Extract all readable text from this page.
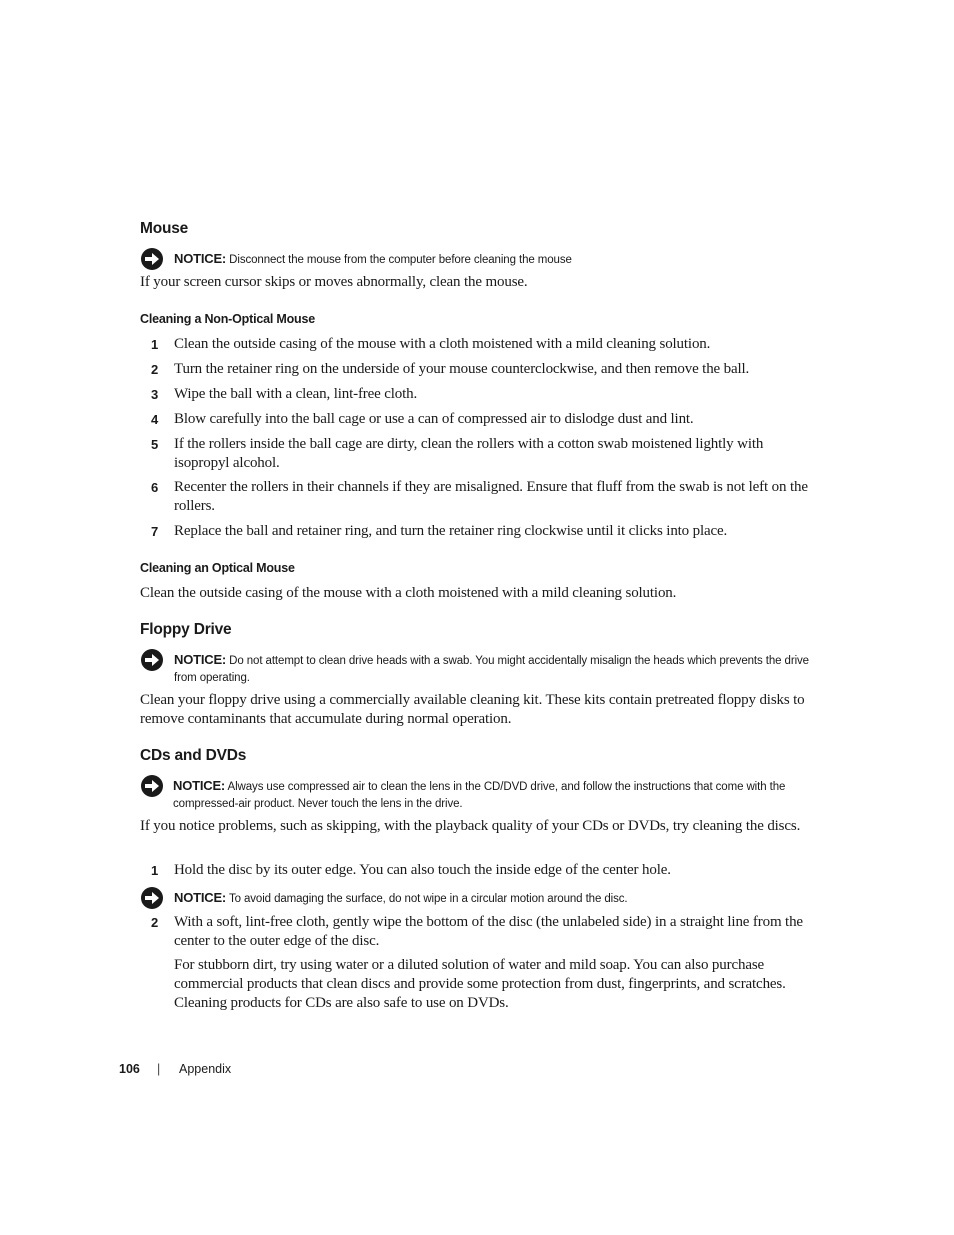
Mouse
NOTICE: Disconnect the mouse from the computer before cleaning the mouse
If your screen cursor skips or moves abnormally, clean the mouse.
Cleaning a Non-Optical Mouse
1 Clean the outside casing of the mouse with a cloth moistened with a mild cleaning solution.
2 Turn the retainer ring on the underside of your mouse counterclockwise, and then remove the ball.
3 Wipe the ball with a clean, lint-free cloth.
4 Blow carefully into the ball cage or use a can of compressed air to dislodge dust and lint.
5 If the rollers inside the ball cage are dirty, clean the rollers with a cotton swab moistened lightly with isopropyl alcohol.
6 Recenter the rollers in their channels if they are misaligned. Ensure that fluff from the swab is not left on the rollers.
7 Replace the ball and retainer ring, and turn the retainer ring clockwise until it clicks into place.
Cleaning an Optical Mouse
Clean the outside casing of the mouse with a cloth moistened with a mild cleaning solution.
Floppy Drive
NOTICE: Do not attempt to clean drive heads with a swab. You might accidentally misalign the heads which prevents the drive from operating.
Clean your floppy drive using a commercially available cleaning kit. These kits contain pretreated floppy disks to remove contaminants that accumulate during normal operation.
CDs and DVDs
NOTICE: Always use compressed air to clean the lens in the CD/DVD drive, and follow the instructions that come with the compressed-air product. Never touch the lens in the drive.
If you notice problems, such as skipping, with the playback quality of your CDs or DVDs, try cleaning the discs.
1 Hold the disc by its outer edge. You can also touch the inside edge of the center hole.
NOTICE: To avoid damaging the surface, do not wipe in a circular motion around the disc.
2 With a soft, lint-free cloth, gently wipe the bottom of the disc (the unlabeled side) in a straight line from the center to the outer edge of the disc.
For stubborn dirt, try using water or a diluted solution of water and mild soap. You can also purchase commercial products that clean discs and provide some protection from dust, fingerprints, and scratches. Cleaning products for CDs are also safe to use on DVDs.
106 | Appendix
